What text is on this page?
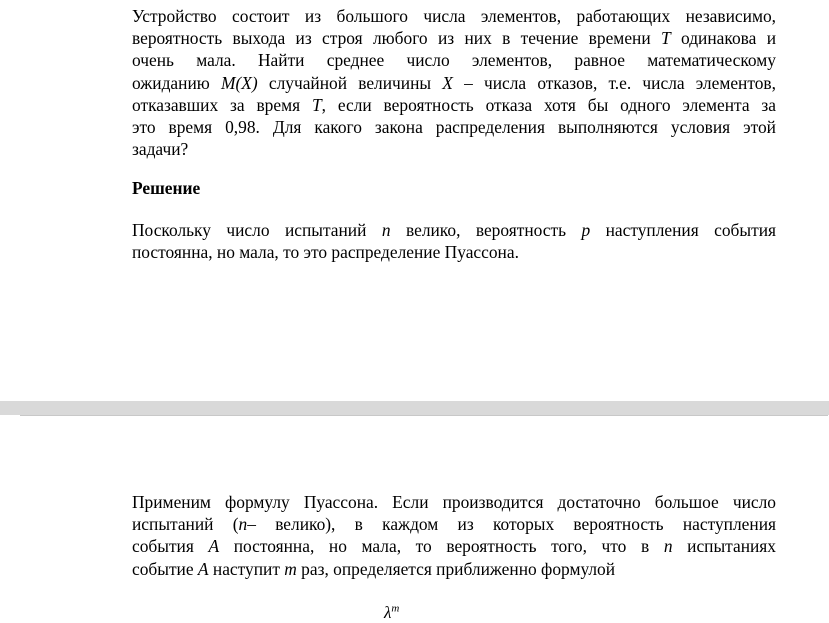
Устройство состоит из большого числа элементов, работающих независимо,
вероятность выхода из строя любого из них в течение времени T одинакова и
очень мала. Найти среднее число элементов, равное математическому
ожиданию M(X) случайной величины X – числа отказов, т.е. числа элементов,
отказавших за время T, если вероятность отказа хотя бы одного элемента за
это время 0,98. Для какого закона распределения выполняются условия этой
задачи?
Решение
Поскольку число испытаний n велико, вероятность p наступления события
постоянна, но мала, то это распределение Пуассона.
Применим формулу Пуассона. Если производится достаточно большое число
испытаний (n– велико), в каждом из которых вероятность наступления
события A постоянна, но мала, то вероятность того, что в n испытаниях
событие A наступит m раз, определяется приближенно формулой
$\lambda^m$
